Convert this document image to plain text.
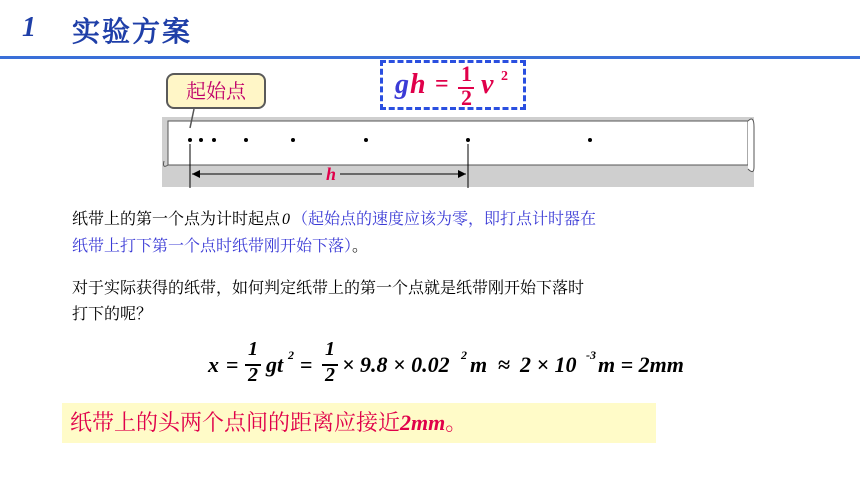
1 实验方案
g h = 1
2 v 2
h
起始点
纸带上的第一个点为计时起点 0 （起始点的速度应该为零，即打点计时器在
纸带上打下第一个点时纸带刚开始下落）。
对于实际获得的纸带，如何判定纸带上的第一个点就是纸带刚开始下落时
打下的呢？
x =
1
2 gt 2 =
1
2 × 9.8 × 0.02 2 m ≈ 2 × 10 -3 m = 2mm
纸带上的头两个点间的距离应接近2mm。
